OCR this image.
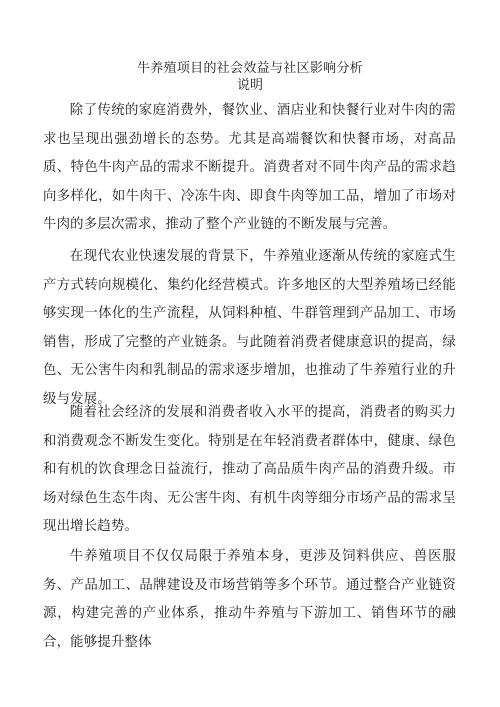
牛养殖项目的社会效益与社区影响分析
说明

除了传统的家庭消费外，餐饮业、酒店业和快餐行业对牛肉的需求也呈现出强劲增长的态势。尤其是高端餐饮和快餐市场，对高品质、特色牛肉产品的需求不断提升。消费者对不同牛肉产品的需求趋向多样化，如牛肉干、冷冻牛肉、即食牛肉等加工品，增加了市场对牛肉的多层次需求，推动了整个产业链的不断发展与完善。

在现代农业快速发展的背景下，牛养殖业逐渐从传统的家庭式生产方式转向规模化、集约化经营模式。许多地区的大型养殖场已经能够实现一体化的生产流程，从饲料种植、牛群管理到产品加工、市场销售，形成了完整的产业链条。与此随着消费者健康意识的提高，绿色、无公害牛肉和乳制品的需求逐步增加，也推动了牛养殖行业的升级与发展。

随着社会经济的发展和消费者收入水平的提高，消费者的购买力和消费观念不断发生变化。特别是在年轻消费者群体中，健康、绿色和有机的饮食理念日益流行，推动了高品质牛肉产品的消费升级。市场对绿色生态牛肉、无公害牛肉、有机牛肉等细分市场产品的需求呈现出增长趋势。

牛养殖项目不仅仅局限于养殖本身，更涉及饲料供应、兽医服务、产品加工、品牌建设及市场营销等多个环节。通过整合产业链资源，构建完善的产业体系，推动牛养殖与下游加工、销售环节的融合，能够提升整体
